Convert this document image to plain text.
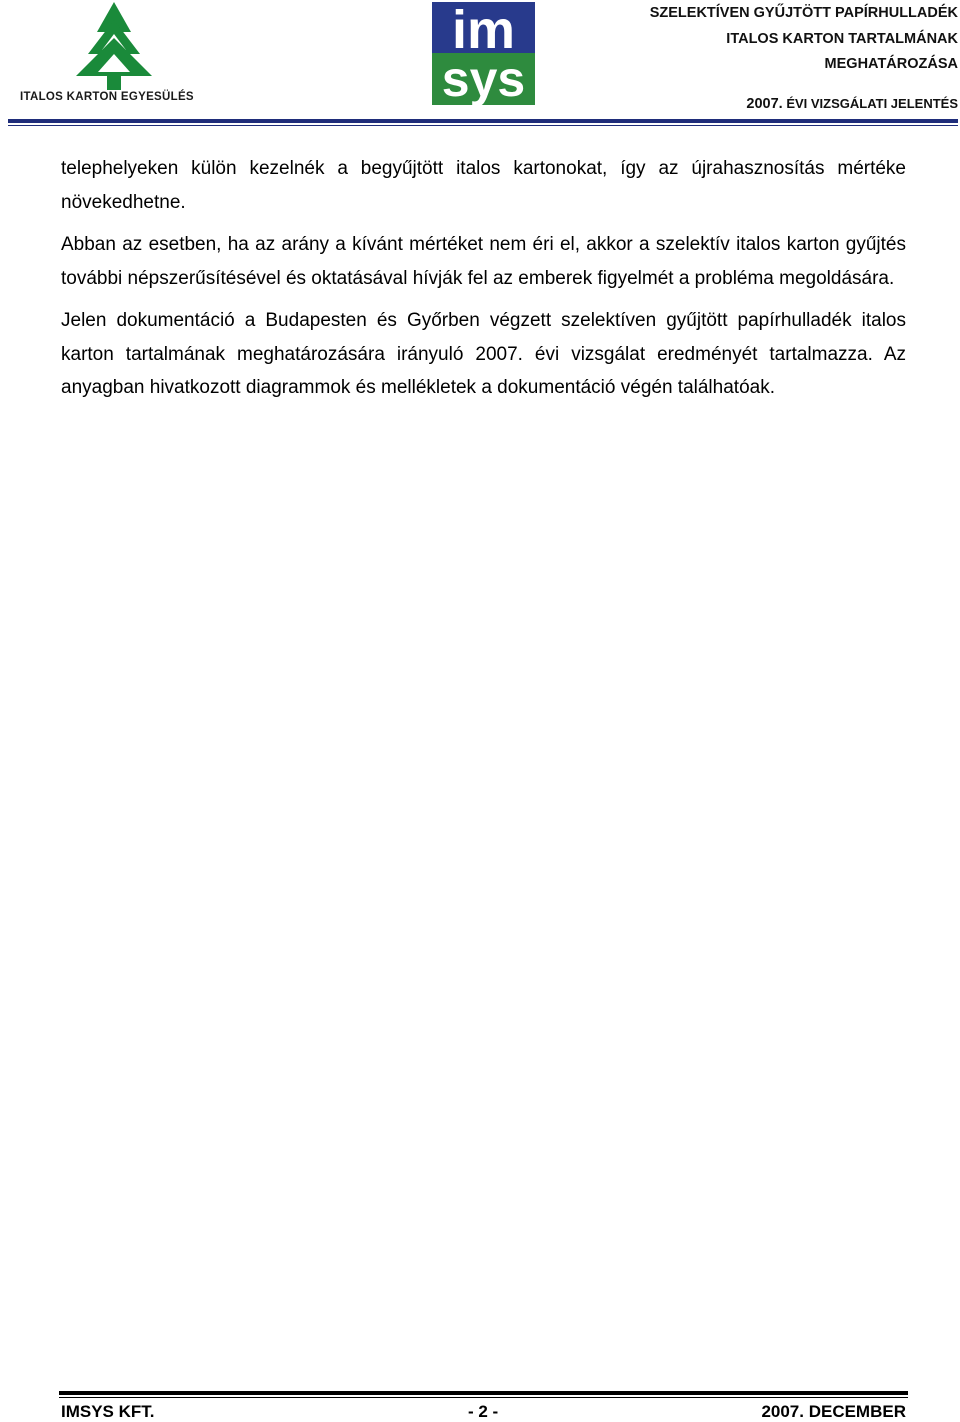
ITALOS KARTON EGYESÜLÉS
im
sys
SZELEKTÍVEN GYŰJTÖTT PAPÍRHULLADÉK
ITALOS KARTON TARTALMÁNAK
MEGHATÁROZÁSA
2007. ÉVI VIZSGÁLATI JELENTÉS

telephelyeken külön kezelnék a begyűjtött italos kartonokat, így az újrahasznosítás mértéke növekedhetne.

Abban az esetben, ha az arány a kívánt mértéket nem éri el, akkor a szelektív italos karton gyűjtés további népszerűsítésével és oktatásával hívják fel az emberek figyelmét a probléma megoldására.

Jelen dokumentáció a Budapesten és Győrben végzett szelektíven gyűjtött papírhulladék italos karton tartalmának meghatározására irányuló 2007. évi vizsgálat eredményét tartalmazza. Az anyagban hivatkozott diagrammok és mellékletek a dokumentáció végén találhatóak.

IMSYS KFT.	- 2 -	2007. DECEMBER
